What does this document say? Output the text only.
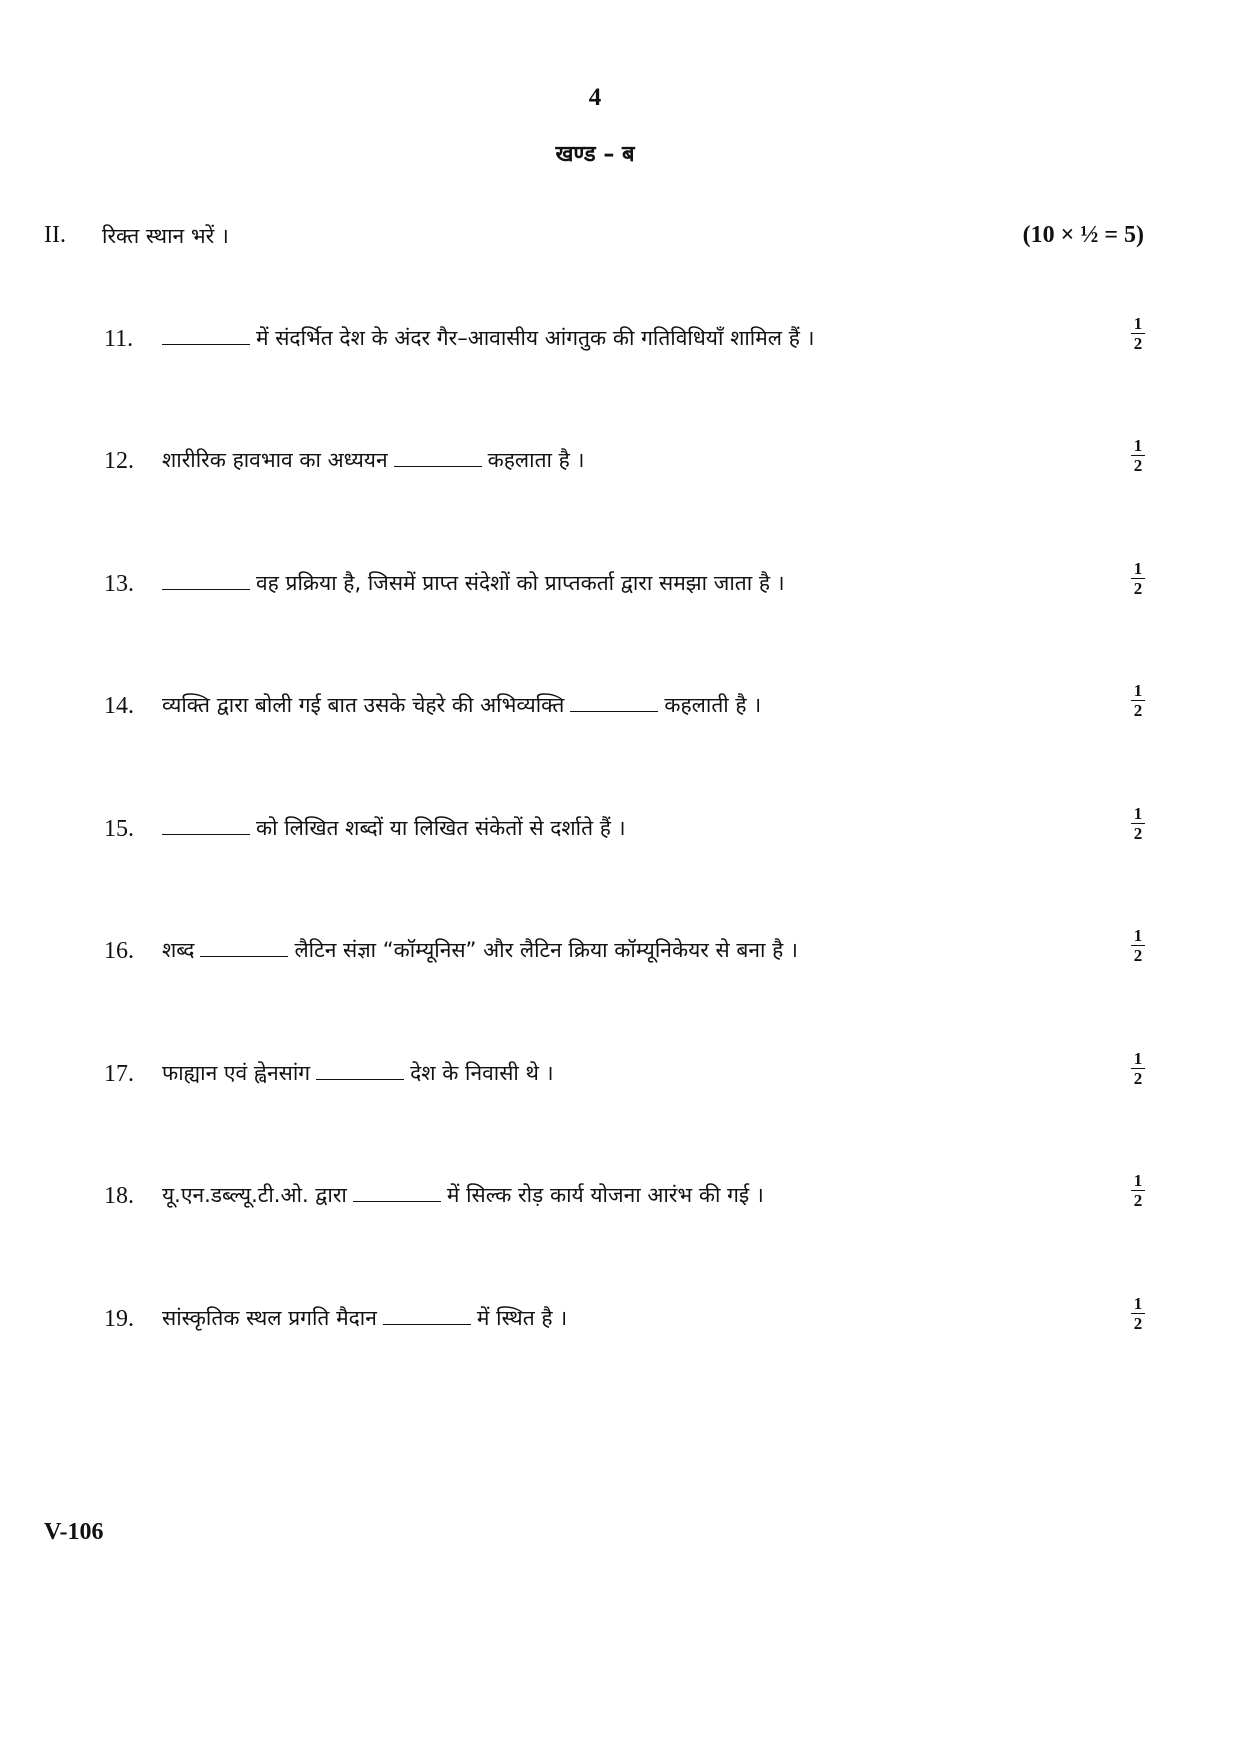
4
खण्ड – ब
II. रिक्त स्थान भरें ।	(10 × ½ = 5)
11.	में संदर्भित देश के अंदर गैर–आवासीय आंगतुक की गतिविधियाँ शामिल हैं ।	$\frac{1}{2}$
12. शारीरिक हावभाव का अध्ययन	कहलाता है ।	$\frac{1}{2}$
13.	वह प्रक्रिया है, जिसमें प्राप्त संदेशों को प्राप्तकर्ता द्वारा समझा जाता है ।	$\frac{1}{2}$
14. व्यक्ति द्वारा बोली गई बात उसके चेहरे की अभिव्यक्ति	कहलाती है ।	$\frac{1}{2}$
15.	को लिखित शब्दों या लिखित संकेतों से दर्शाते हैं ।	$\frac{1}{2}$
16. शब्द	लैटिन संज्ञा “कॉम्यूनिस” और लैटिन क्रिया कॉम्यूनिकेयर से बना है ।	$\frac{1}{2}$
17. फाह्यान एवं ह्वेनसांग	देश के निवासी थे ।	$\frac{1}{2}$
18. यू.एन.डब्ल्यू.टी.ओ. द्वारा	में सिल्क रोड़ कार्य योजना आरंभ की गई ।	$\frac{1}{2}$
19. सांस्कृतिक स्थल प्रगति मैदान	में स्थित है ।	$\frac{1}{2}$
V-106
